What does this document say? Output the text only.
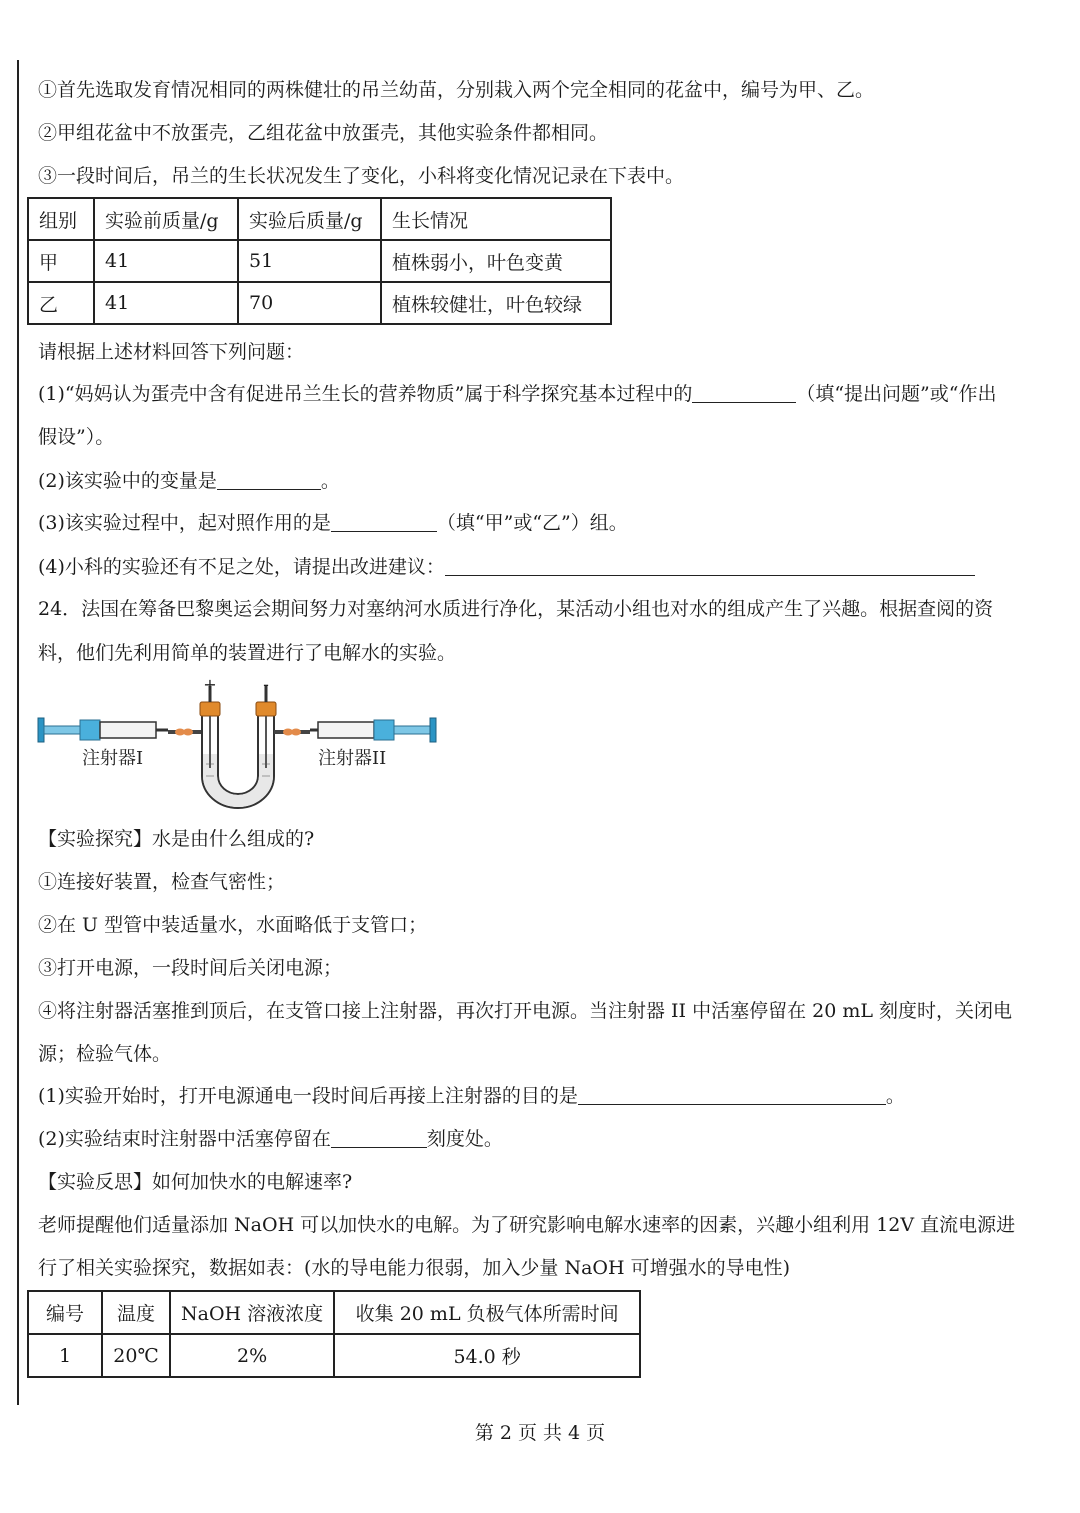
①首先选取发育情况相同的两株健壮的吊兰幼苗，分别栽入两个完全相同的花盆中，编号为甲、乙。
②甲组花盆中不放蛋壳，乙组花盆中放蛋壳，其他实验条件都相同。
③一段时间后，吊兰的生长状况发生了变化，小科将变化情况记录在下表中。
组别	实验前质量/g	实验后质量/g	生长情况
甲	41	51	植株弱小，叶色变黄
乙	41	70	植株较健壮，叶色较绿
请根据上述材料回答下列问题：
(1)“妈妈认为蛋壳中含有促进吊兰生长的营养物质”属于科学探究基本过程中的	（填“提出问题”或“作出
假设”）。
(2)该实验中的变量是	。
(3)该实验过程中，起对照作用的是	（填“甲”或“乙”）组。
(4)小科的实验还有不足之处，请提出改进建议：
24．法国在筹备巴黎奥运会期间努力对塞纳河水质进行净化，某活动小组也对水的组成产生了兴趣。根据查阅的资
料，他们先利用简单的装置进行了电解水的实验。
+	-
注射器I	注射器II
【实验探究】水是由什么组成的?
①连接好装置，检查气密性；
②在 U 型管中装适量水，水面略低于支管口；
③打开电源，一段时间后关闭电源；
④将注射器活塞推到顶后，在支管口接上注射器，再次打开电源。当注射器 II 中活塞停留在 20 mL 刻度时，关闭电
源；检验气体。
(1)实验开始时，打开电源通电一段时间后再接上注射器的目的是	。
(2)实验结束时注射器中活塞停留在	刻度处。
【实验反思】如何加快水的电解速率?
老师提醒他们适量添加 NaOH 可以加快水的电解。为了研究影响电解水速率的因素，兴趣小组利用 12V 直流电源进
行了相关实验探究，数据如表：(水的导电能力很弱，加入少量 NaOH 可增强水的导电性)
编号	温度	NaOH 溶液浓度	收集 20 mL 负极气体所需时间
1	20℃	2%	54.0 秒
第 2 页 共 4 页
